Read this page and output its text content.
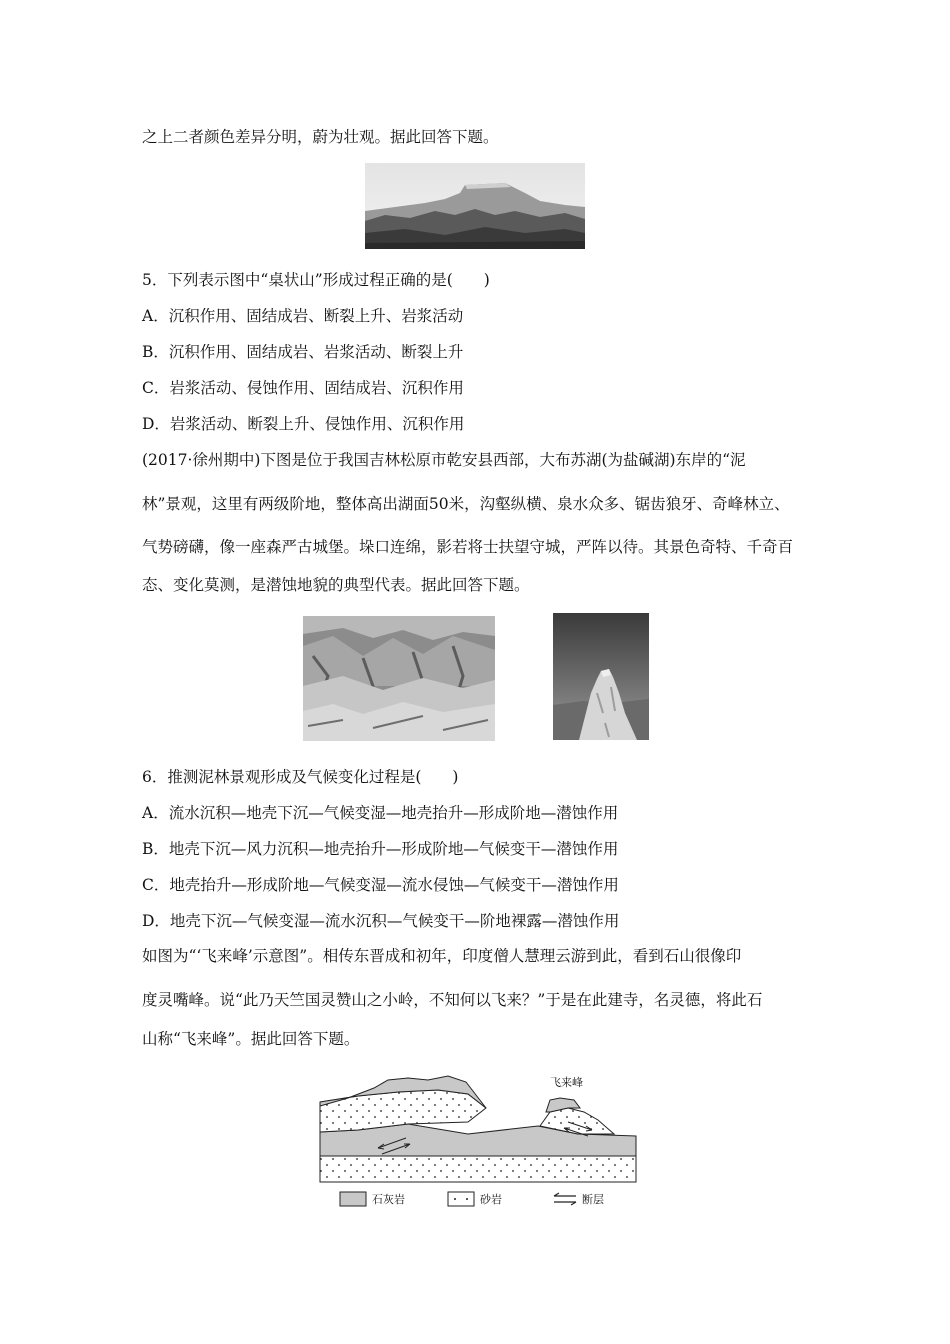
之上二者颜色差异分明，蔚为壮观。据此回答下题。
5．下列表示图中“桌状山”形成过程正确的是(　　)
A．沉积作用、固结成岩、断裂上升、岩浆活动
B．沉积作用、固结成岩、岩浆活动、断裂上升
C．岩浆活动、侵蚀作用、固结成岩、沉积作用
D．岩浆活动、断裂上升、侵蚀作用、沉积作用
(2017·徐州期中)下图是位于我国吉林松原市乾安县西部，大布苏湖(为盐碱湖)东岸的“泥
林”景观，这里有两级阶地，整体高出湖面50米，沟壑纵横、泉水众多、锯齿狼牙、奇峰林立、
气势磅礴，像一座森严古城堡。垛口连绵，影若将士扶望守城，严阵以待。其景色奇特、千奇百
态、变化莫测，是潜蚀地貌的典型代表。据此回答下题。
6．推测泥林景观形成及气候变化过程是(　　)
A．流水沉积—地壳下沉—气候变湿—地壳抬升—形成阶地—潜蚀作用
B．地壳下沉—风力沉积—地壳抬升—形成阶地—气候变干—潜蚀作用
C．地壳抬升—形成阶地—气候变湿—流水侵蚀—气候变干—潜蚀作用
D．地壳下沉—气候变湿—流水沉积—气候变干—阶地裸露—潜蚀作用
如图为“‘飞来峰’示意图”。相传东晋成和初年，印度僧人慧理云游到此，看到石山很像印
度灵嘴峰。说“此乃天竺国灵赞山之小岭，不知何以飞来？”于是在此建寺，名灵德，将此石
山称“飞来峰”。据此回答下题。
飞来峰
石灰岩	砂岩	断层
